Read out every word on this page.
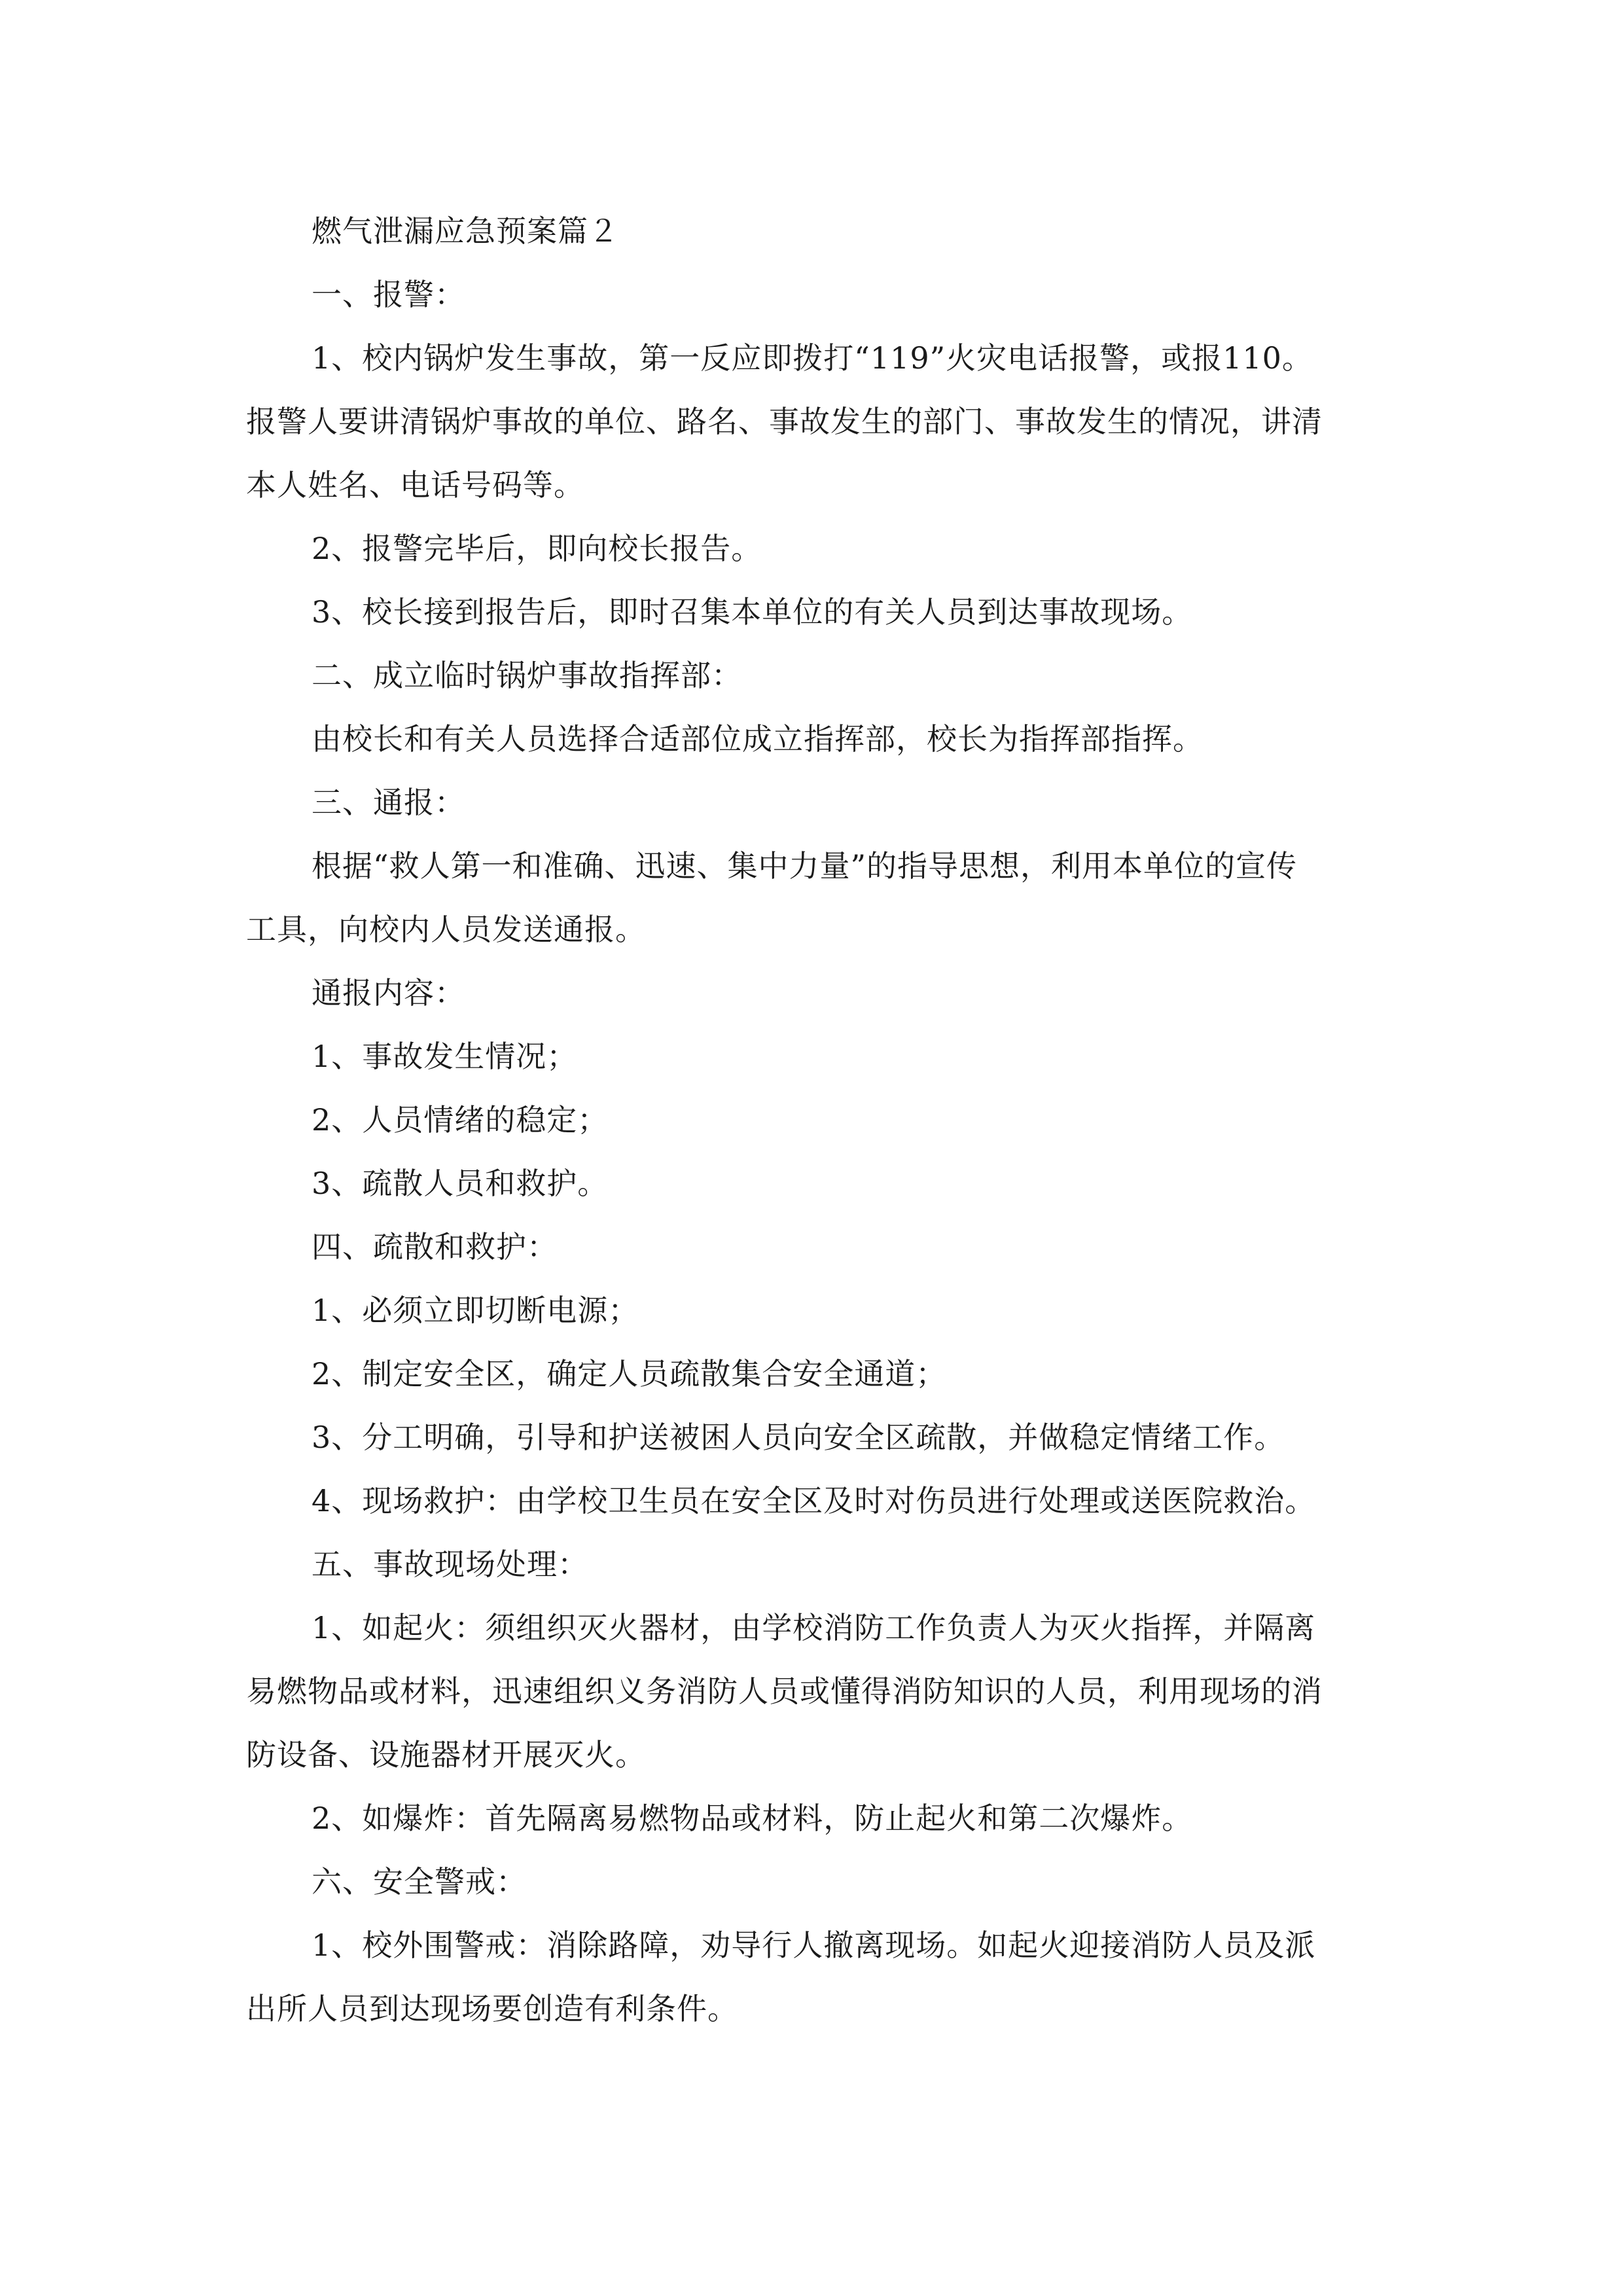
燃气泄漏应急预案篇２
一、报警：
1、校内锅炉发生事故，第一反应即拨打“119”火灾电话报警，或报110。
报警人要讲清锅炉事故的单位、路名、事故发生的部门、事故发生的情况，讲清
本人姓名、电话号码等。
2、报警完毕后，即向校长报告。
3、校长接到报告后，即时召集本单位的有关人员到达事故现场。
二、成立临时锅炉事故指挥部：
由校长和有关人员选择合适部位成立指挥部，校长为指挥部指挥。
三、通报：
根据“救人第一和准确、迅速、集中力量”的指导思想，利用本单位的宣传
工具，向校内人员发送通报。
通报内容：
1、事故发生情况；
2、人员情绪的稳定；
3、疏散人员和救护。
四、疏散和救护：
1、必须立即切断电源；
2、制定安全区，确定人员疏散集合安全通道；
3、分工明确，引导和护送被困人员向安全区疏散，并做稳定情绪工作。
4、现场救护：由学校卫生员在安全区及时对伤员进行处理或送医院救治。
五、事故现场处理：
1、如起火：须组织灭火器材，由学校消防工作负责人为灭火指挥，并隔离
易燃物品或材料，迅速组织义务消防人员或懂得消防知识的人员，利用现场的消
防设备、设施器材开展灭火。
2、如爆炸：首先隔离易燃物品或材料，防止起火和第二次爆炸。
六、安全警戒：
1、校外围警戒：消除路障，劝导行人撤离现场。如起火迎接消防人员及派
出所人员到达现场要创造有利条件。
